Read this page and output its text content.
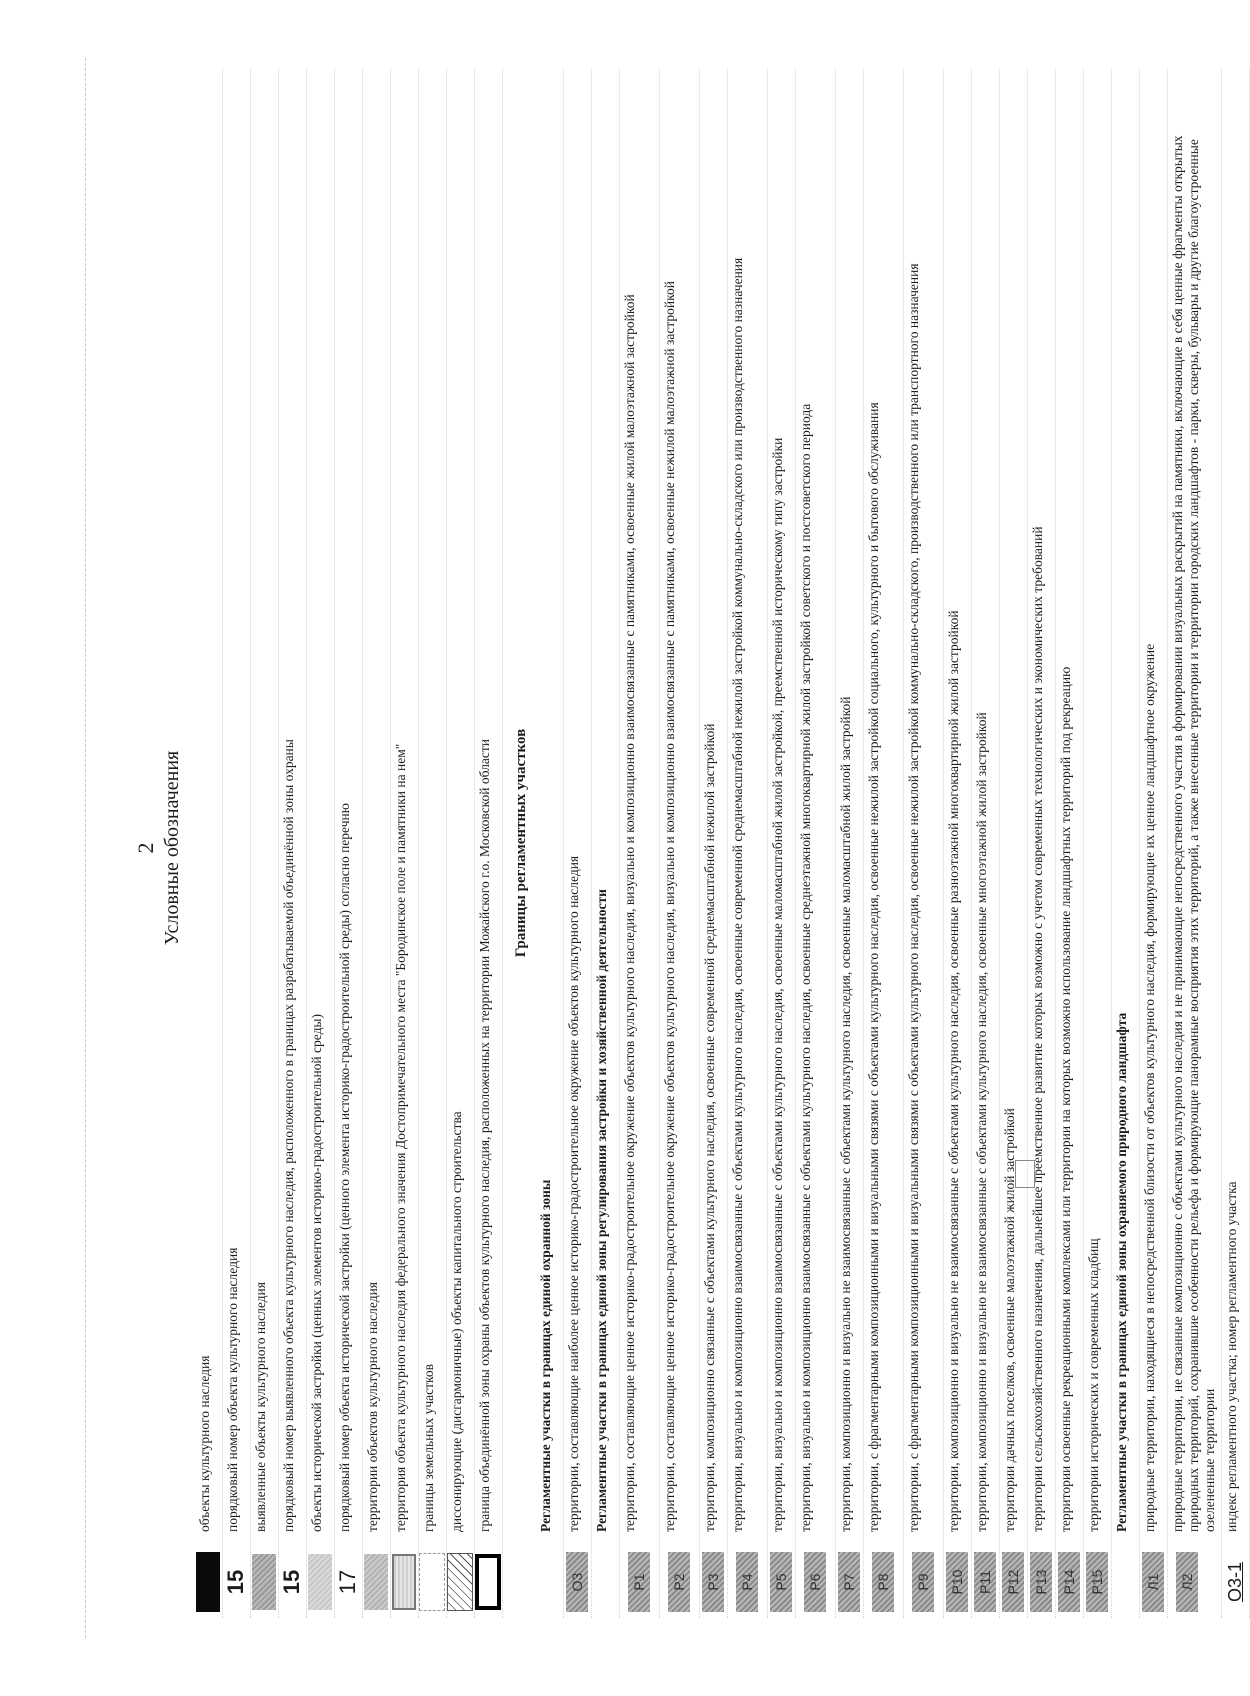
2 Условные обозначения
объекты культурного наследия
15
порядковый номер объекта культурного наследия выявленные объекты культурного наследия
15
порядковый номер выявленного объекта культурного наследия, расположенного в границах разрабатываемой объединённой зоны охраны объекты исторической застройки (ценных элементов историко-градостроительной среды)
17
порядковый номер объекта исторической застройки (ценного элемента историко-градостроительной среды) согласно перечню территории объектов культурного наследия территория объекта культурного наследия федерального значения Достопримечательного места "Бородинское поле и памятники на нем" границы земельных участков диссонирующие (дисгармоничные) объекты капитального строительства граница объединённой зоны охраны объектов культурного наследия, расположенных на территории Можайского г.о. Московской области Границы регламентных участков
Регламентные участки в границах единой охранной зоны
О3
территории, составляющие наиболее ценное историко-градостроительное окружение объектов культурного наследия Регламентные участки в границах единой зоны регулирования застройки и хозяйственной деятельности
Р1
территории, составляющие ценное историко-градостроительное окружение объектов культурного наследия, визуально и композиционно взаимосвязанные с памятниками, освоенные жилой малоэтажной застройкой
Р2
территории, составляющие ценное историко-градостроительное окружение объектов культурного наследия, визуально и композиционно взаимосвязанные с памятниками, освоенные нежилой малоэтажной застройкой
Р3
территории, композиционно связанные с объектами культурного наследия, освоенные современной среднемасштабной нежилой застройкой
Р4
территории, визуально и композиционно взаимосвязанные с объектами культурного наследия, освоенные современной среднемасштабной нежилой застройкой коммунально-складского или производственного назначения
Р5
территории, визуально и композиционно взаимосвязанные с объектами культурного наследия, освоенные маломасштабной жилой застройкой, преемственной историческому типу застройки
Р6
территории, визуально и композиционно взаимосвязанные с объектами культурного наследия, освоенные среднеэтажной многоквартирной жилой застройкой советского и постсоветского периода
Р7
территории, композиционно и визуально не взаимосвязанные с объектами культурного наследия, освоенные маломасштабной жилой застройкой
Р8
территории, с фрагментарными композиционными и визуальными связями с объектами культурного наследия, освоенные нежилой застройкой социального, культурного и бытового обслуживания
Р9
территории, с фрагментарными композиционными и визуальными связями с объектами культурного наследия, освоенные нежилой застройкой коммунально-складского, производственного или транспортного назначения
Р10
территории, композиционно и визуально не взаимосвязанные с объектами культурного наследия, освоенные разноэтажной многоквартирной жилой застройкой
Р11
территории, композиционно и визуально не взаимосвязанные с объектами культурного наследия, освоенные многоэтажной жилой застройкой
Р12
территории дачных поселков, освоенные малоэтажной жилой застройкой
Р13
территории сельскохозяйственного назначения, дальнейшее преемственное развитие которых возможно с учетом современных технологических и экономических требований
Р14
территории освоенные рекреационными комплексами или территории на которых возможно использование ландшафтных территорий под рекреацию
Р15
территории исторических и современных кладбищ Регламентные участки в границах единой зоны охраняемого природного ландшафта
Л1
природные территории, находящиеся в непосредственной близости от объектов культурного наследия, формирующие их ценное ландшафтное окружение
Л2
природные территории, не связанные композиционно с объектами культурного наследия и не принимающие непосредственного участия в формировании визуальных раскрытий на памятники, включающие в себя ценные фрагменты открытых природных территорий, сохранившие особенности рельефа и формирующие панорамные восприятия этих территорий, а также внесенные территории и территории городских ландшафтов - парки, скверы, бульвары и другие благоустроенные озелененные территории
О3-1
индекс регламентного участка; номер регламентного участка
